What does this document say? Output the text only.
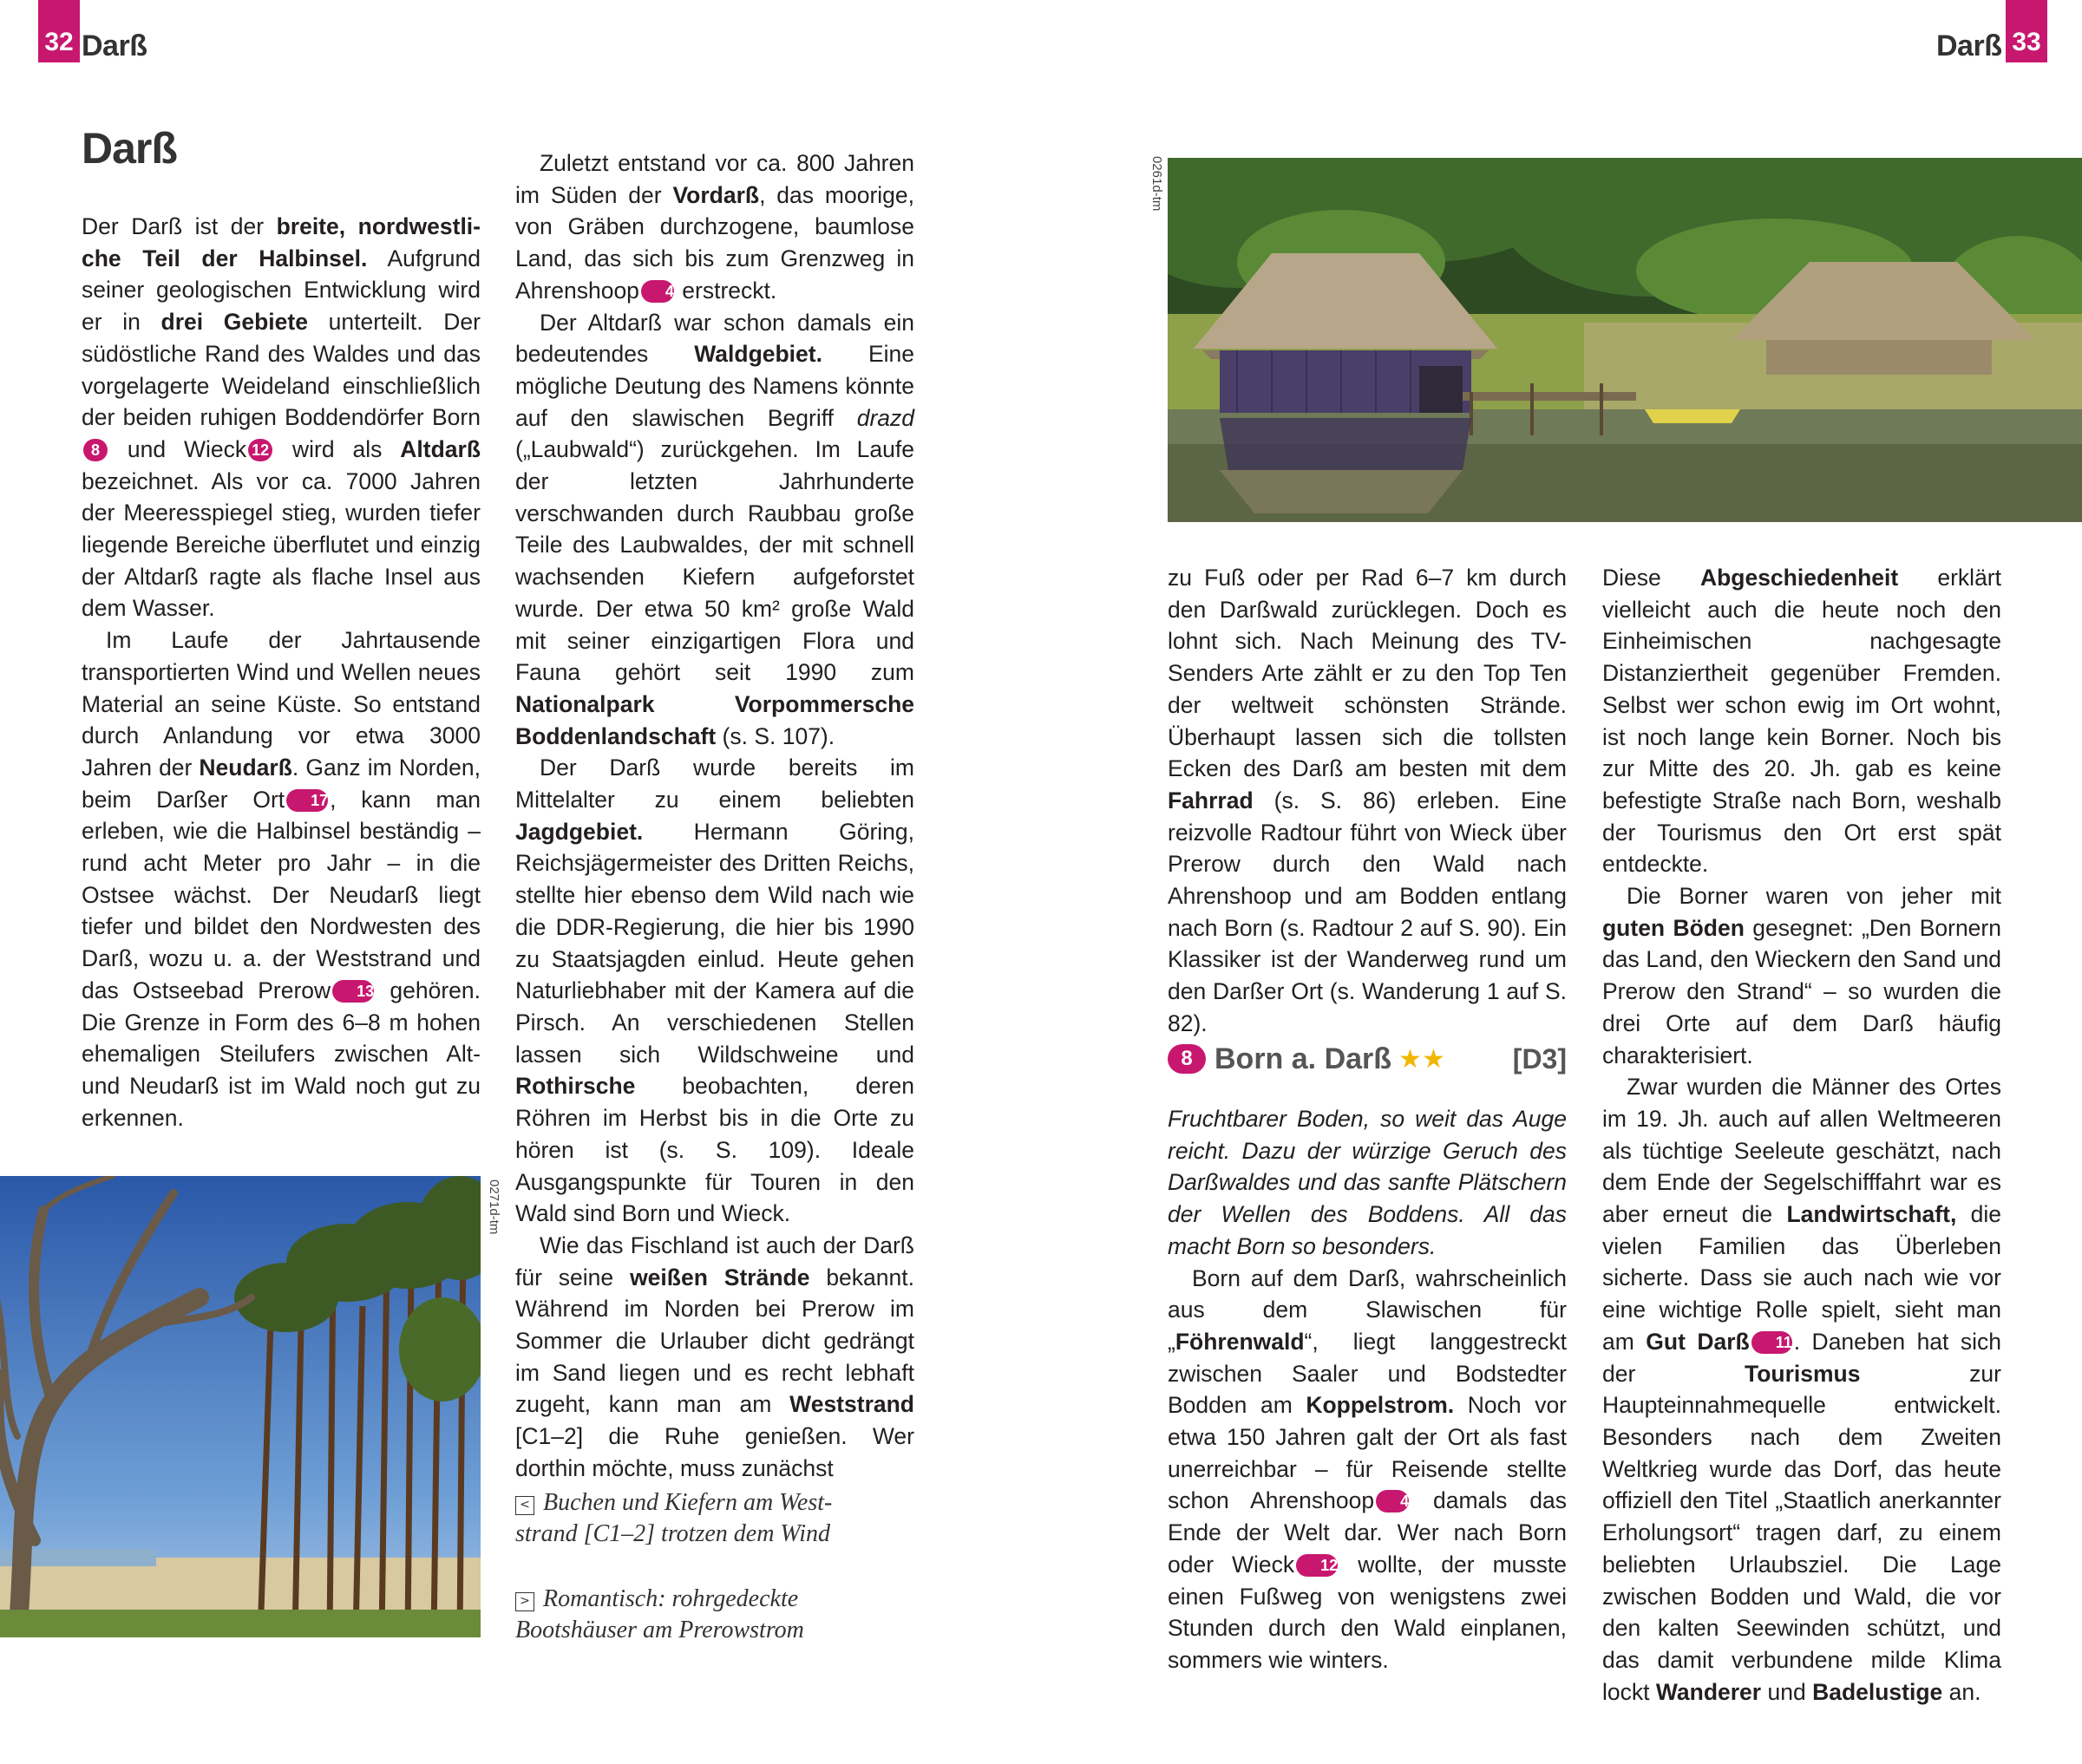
32 Darß	Darß 33
Darß

Der Darß ist der breite, nordwestli-che Teil der Halbinsel. Aufgrund seiner geologischen Entwicklung wird er in drei Gebiete unterteilt. Der südöstliche Rand des Waldes und das vorgelagerte Weideland einschließlich der beiden ruhigen Boddendörfer Born8 und Wieck 12 wird als Altdarß bezeichnet. Als vor ca. 7000 Jahren der Meeresspiegel stieg, wurden tiefer liegende Bereiche überflutet und einzig der Altdarß ragte als flache Insel aus dem Wasser.

Im Laufe der Jahrtausende transportierten Wind und Wellen neues Material an seine Küste. So entstand durch Anlandung vor etwa 3000 Jahren der Neudarß. Ganz im Norden, beim Darßer Ort 17, kann man erleben, wie die Halbinsel beständig – rund acht Meter pro Jahr – in die Ostsee wächst. Der Neudarß liegt tiefer und bildet den Nordwesten des Darß, wozu u. a. der Weststrand und das Ostseebad Prerow 13 gehören. Die Grenze in Form des 6–8 m hohen ehemaligen Steilufers zwischen Alt- und Neudarß ist im Wald noch gut zu erkennen.

0271d-tm

Zuletzt entstand vor ca. 800 Jahren im Süden der Vordarß, das moorige, von Gräben durchzogene, baumlose Land, das sich bis zum Grenzweg in Ahrenshoop 4 erstreckt.

Der Altdarß war schon damals ein bedeutendes Waldgebiet. Eine mögliche Deutung des Namens könnte auf den slawischen Begriff drazd („Laubwald“) zurückgehen. Im Laufe der letzten Jahrhunderte verschwanden durch Raubbau große Teile des Laubwaldes, der mit schnell wachsenden Kiefern aufgeforstet wurde. Der etwa 50 km² große Wald mit seiner einzigartigen Flora und Fauna gehört seit 1990 zum Nationalpark Vorpommersche Boddenlandschaft (s. S. 107).

Der Darß wurde bereits im Mittelalter zu einem beliebten Jagdgebiet. Hermann Göring, Reichsjägermeister des Dritten Reichs, stellte hier ebenso dem Wild nach wie die DDR-Regierung, die hier bis 1990 zu Staatsjagden einlud. Heute gehen Naturliebhaber mit der Kamera auf die Pirsch. An verschiedenen Stellen lassen sich Wildschweine und Rothirsche beobachten, deren Röhren im Herbst bis in die Orte zu hören ist (s. S. 109). Ideale Ausgangspunkte für Touren in den Wald sind Born und Wieck.

Wie das Fischland ist auch der Darß für seine weißen Strände bekannt. Während im Norden bei Prerow im Sommer die Urlauber dicht gedrängt im Sand liegen und es recht lebhaft zugeht, kann man am Weststrand [C1–2] die Ruhe genießen. Wer dorthin möchte, muss zunächst

< Buchen und Kiefern am West-
strand [C1–2] trotzen dem Wind
> Romantisch: rohrgedeckte
Bootshäuser am Prerowstrom
0261d-tm

zu Fuß oder per Rad 6–7 km durch den Darßwald zurücklegen. Doch es lohnt sich. Nach Meinung des TV-Senders Arte zählt er zu den Top Ten der weltweit schönsten Strände. Überhaupt lassen sich die tollsten Ecken des Darß am besten mit dem Fahrrad (s. S. 86) erleben. Eine reizvolle Radtour führt von Wieck über Prerow durch den Wald nach Ahrenshoop und am Bodden entlang nach Born (s. Radtour 2 auf S. 90). Ein Klassiker ist der Wanderweg rund um den Darßer Ort (s. Wanderung 1 auf S. 82).

8 Born a. Darß ★★ [D3]

Fruchtbarer Boden, so weit das Auge reicht. Dazu der würzige Geruch des Darßwaldes und das sanfte Plätschern der Wellen des Boddens. All das macht Born so besonders.

Born auf dem Darß, wahrscheinlich aus dem Slawischen für „Föhrenwald“, liegt langgestreckt zwischen Saaler und Bodstedter Bodden am Koppelstrom. Noch vor etwa 150 Jahren galt der Ort als fast unerreichbar – für Reisende stellte schon Ahrenshoop 4 damals das Ende der Welt dar. Wer nach Born oder Wieck 12 wollte, der musste einen Fußweg von wenigstens zwei Stunden durch den Wald einplanen, sommers wie winters.

Diese Abgeschiedenheit erklärt vielleicht auch die heute noch den Einheimischen nachgesagte Distanziertheit gegenüber Fremden. Selbst wer schon ewig im Ort wohnt, ist noch lange kein Borner. Noch bis zur Mitte des 20. Jh. gab es keine befestigte Straße nach Born, weshalb der Tourismus den Ort erst spät entdeckte.

Die Borner waren von jeher mit guten Böden gesegnet: „Den Bornern das Land, den Wieckern den Sand und Prerow den Strand“ – so wurden die drei Orte auf dem Darß häufig charakterisiert.

Zwar wurden die Männer des Ortes im 19. Jh. auch auf allen Weltmeeren als tüchtige Seeleute geschätzt, nach dem Ende der Segelschifffahrt war es aber erneut die Landwirtschaft, die vielen Familien das Überleben sicherte. Dass sie auch nach wie vor eine wichtige Rolle spielt, sieht man am Gut Darß 11. Daneben hat sich der Tourismus zur Haupteinnahmequelle entwickelt. Besonders nach dem Zweiten Weltkrieg wurde das Dorf, das heute offiziell den Titel „Staatlich anerkannter Erholungsort“ tragen darf, zu einem beliebten Urlaubsziel. Die Lage zwischen Bodden und Wald, die vor den kalten Seewinden schützt, und das damit verbundene milde Klima lockt Wanderer und Badelustige an.
